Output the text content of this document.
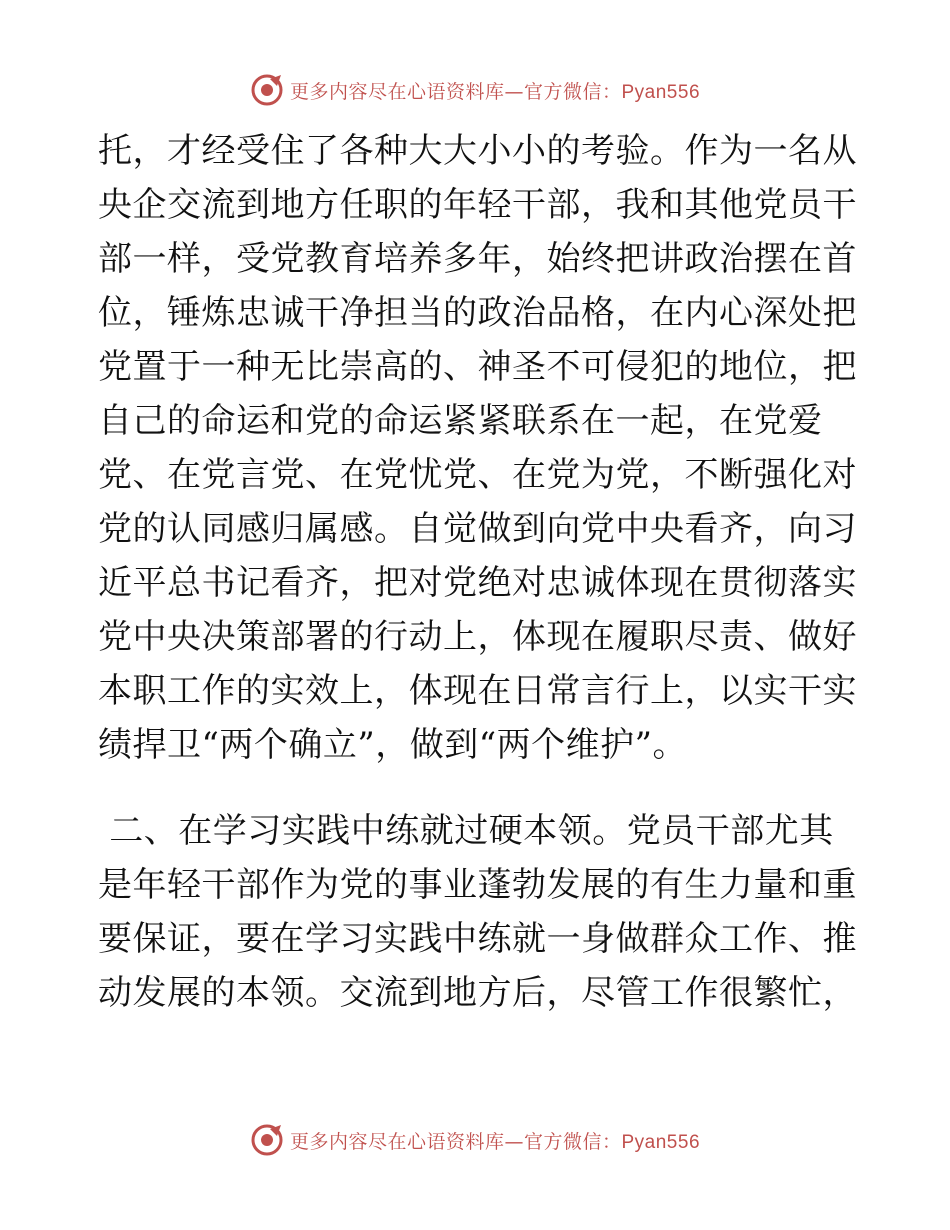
更多内容尽在心语资料库—官方微信：Pyan556
托，才经受住了各种大大小小的考验。作为一名从
央企交流到地方任职的年轻干部，我和其他党员干
部一样，受党教育培养多年，始终把讲政治摆在首
位，锤炼忠诚干净担当的政治品格，在内心深处把
党置于一种无比崇高的、神圣不可侵犯的地位，把
自己的命运和党的命运紧紧联系在一起，在党爱
党、在党言党、在党忧党、在党为党，不断强化对
党的认同感归属感。自觉做到向党中央看齐，向习
近平总书记看齐，把对党绝对忠诚体现在贯彻落实
党中央决策部署的行动上，体现在履职尽责、做好
本职工作的实效上，体现在日常言行上，以实干实
绩捍卫“两个确立”，做到“两个维护”。
二、在学习实践中练就过硬本领。党员干部尤其
是年轻干部作为党的事业蓬勃发展的有生力量和重
要保证，要在学习实践中练就一身做群众工作、推
动发展的本领。交流到地方后，尽管工作很繁忙，
更多内容尽在心语资料库—官方微信：Pyan556
